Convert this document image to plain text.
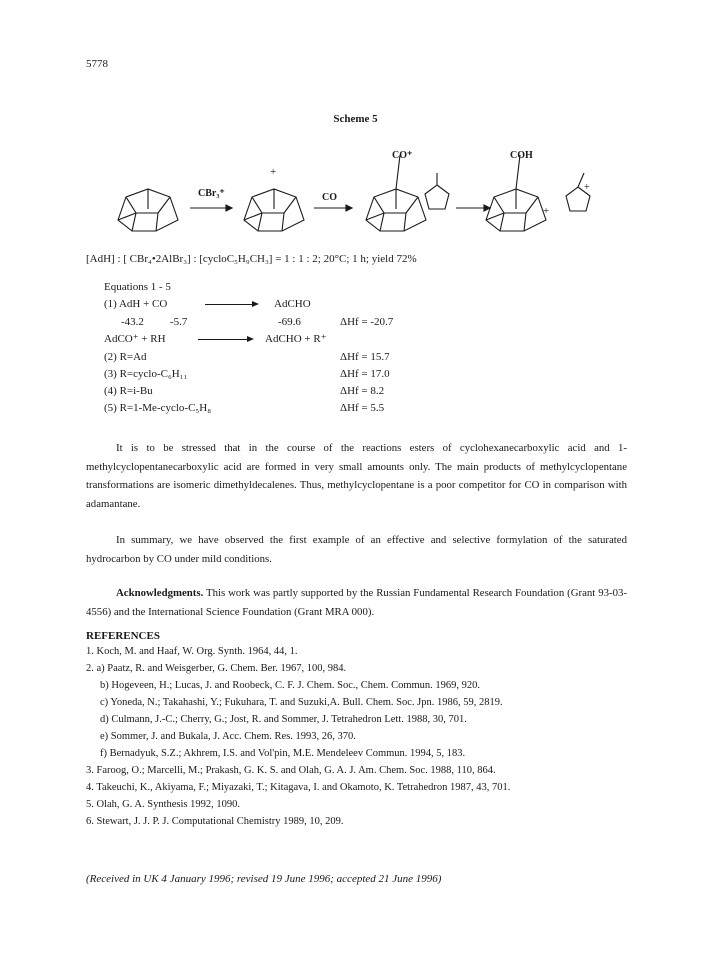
5778
Scheme 5
CBr₃⁺	CO
+
CO⁺	COH
+
+
[AdH] : [ CBr₄•2AlBr₃] : [cycloC₅H₉CH₃] = 1 : 1 : 2; 20°C; 1 h; yield 72%
Equations 1 - 5
(1) AdH + CO	AdCHO
-43.2 -5.7	-69.6	ΔHf = -20.7
AdCO⁺ + RH	AdCHO + R⁺
(2) R=Ad	ΔHf = 15.7
(3) R=cyclo-C₆H₁₁	ΔHf = 17.0
(4) R=i-Bu	ΔHf = 8.2
(5) R=1-Me-cyclo-C₅H₈	ΔHf = 5.5
It is to be stressed that in the course of the reactions esters of cyclohexanecarboxylic acid and 1-methylcyclopentanecarboxylic acid are formed in very small amounts only. The main products of methylcyclopentane transformations are isomeric dimethyldecalenes. Thus, methylcyclopentane is a poor competitor for CO in comparison with adamantane.
In summary, we have observed the first example of an effective and selective formylation of the saturated hydrocarbon by CO under mild conditions.
Acknowledgments. This work was partly supported by the Russian Fundamental Research Foundation (Grant 93-03-4556) and the International Science Foundation (Grant MRA 000).
REFERENCES
1. Koch, M. and Haaf, W. Org. Synth. 1964, 44, 1.
2. a) Paatz, R. and Weisgerber, G. Chem. Ber. 1967, 100, 984.
b) Hogeveen, H.; Lucas, J. and Roobeck, C. F. J. Chem. Soc., Chem. Commun. 1969, 920.
c) Yoneda, N.; Takahashi, Y.; Fukuhara, T. and Suzuki,A. Bull. Chem. Soc. Jpn. 1986, 59, 2819.
d) Culmann, J.-C.; Cherry, G.; Jost, R. and Sommer, J. Tetrahedron Lett. 1988, 30, 701.
e) Sommer, J. and Bukala, J. Acc. Chem. Res. 1993, 26, 370.
f) Bernadyuk, S.Z.; Akhrem, I.S. and Vol'pin, M.E. Mendeleev Commun. 1994, 5, 183.
3. Faroog, O.; Marcelli, M.; Prakash, G. K. S. and Olah, G. A. J. Am. Chem. Soc. 1988, 110, 864.
4. Takeuchi, K., Akiyama, F.; Miyazaki, T.; Kitagava, I. and Okamoto, K. Tetrahedron 1987, 43, 701.
5. Olah, G. A. Synthesis 1992, 1090.
6. Stewart, J. J. P. J. Computational Chemistry 1989, 10, 209.
(Received in UK 4 January 1996; revised 19 June 1996; accepted 21 June 1996)
